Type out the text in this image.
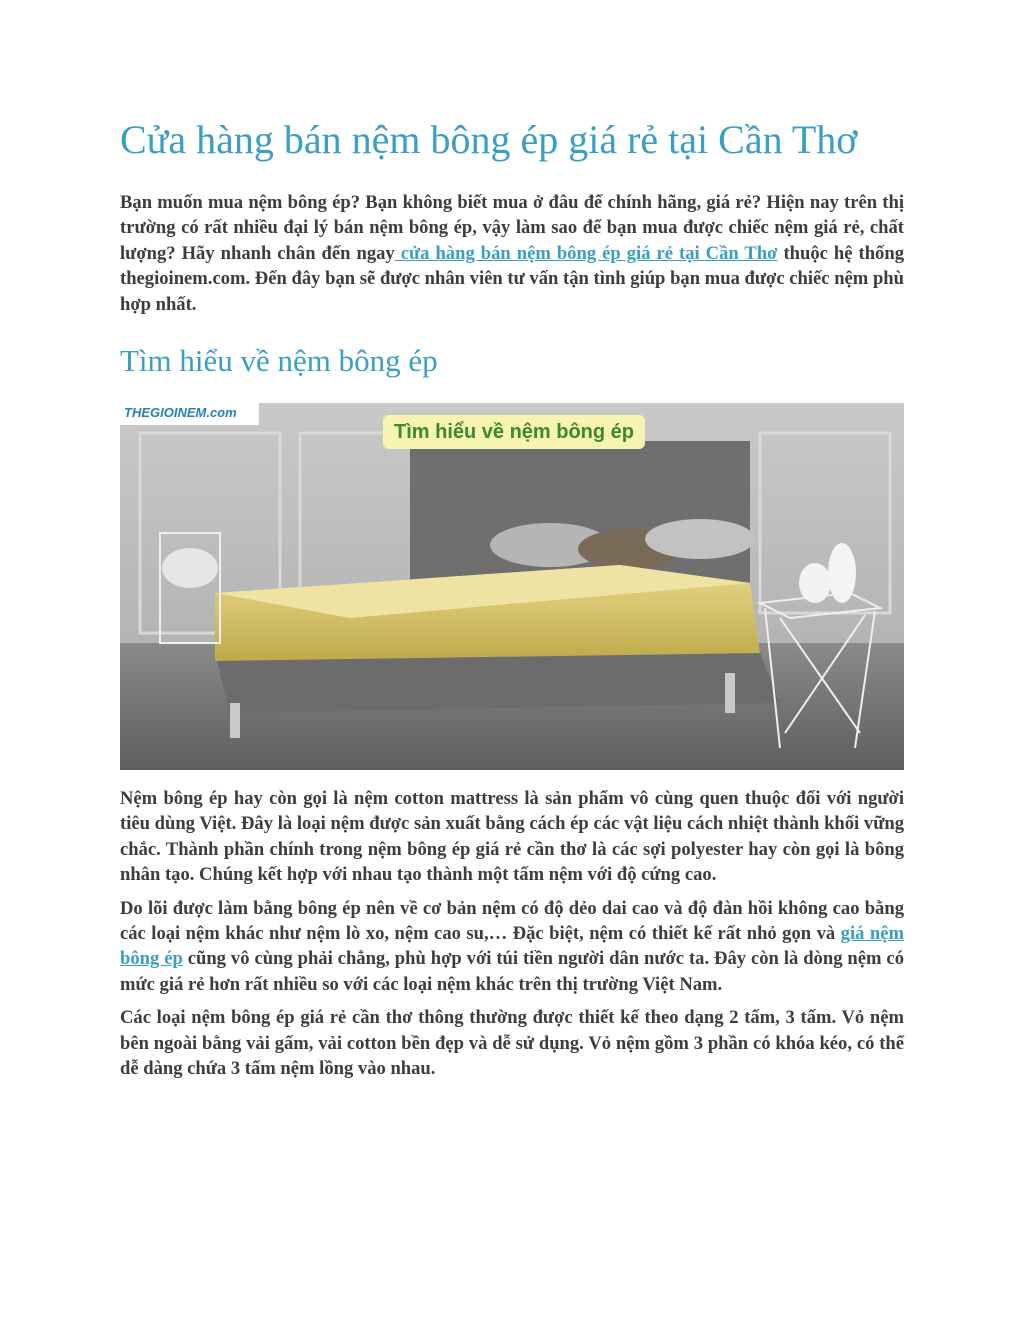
Cửa hàng bán nệm bông ép giá rẻ tại Cần Thơ

Bạn muốn mua nệm bông ép? Bạn không biết mua ở đâu để chính hãng, giá rẻ? Hiện nay trên thị trường có rất nhiều đại lý bán nệm bông ép, vậy làm sao để bạn mua được chiếc nệm giá rẻ, chất lượng? Hãy nhanh chân đến ngay cửa hàng bán nệm bông ép giá rẻ tại Cần Thơ thuộc hệ thống thegioinem.com. Đến đây bạn sẽ được nhân viên tư vấn tận tình giúp bạn mua được chiếc nệm phù hợp nhất.

Tìm hiểu về nệm bông ép
THEGIOINEM.com
Tìm hiểu về nệm bông ép

Nệm bông ép hay còn gọi là nệm cotton mattress là sản phẩm vô cùng quen thuộc đối với người tiêu dùng Việt. Đây là loại nệm được sản xuất bằng cách ép các vật liệu cách nhiệt thành khối vững chắc. Thành phần chính trong nệm bông ép giá rẻ cần thơ là các sợi polyester hay còn gọi là bông nhân tạo. Chúng kết hợp với nhau tạo thành một tấm nệm với độ cứng cao.

Do lõi được làm bằng bông ép nên về cơ bản nệm có độ dẻo dai cao và độ đàn hồi không cao bằng các loại nệm khác như nệm lò xo, nệm cao su,… Đặc biệt, nệm có thiết kế rất nhỏ gọn và giá nệm bông ép cũng vô cùng phải chẳng, phù hợp với túi tiền người dân nước ta. Đây còn là dòng nệm có mức giá rẻ hơn rất nhiều so với các loại nệm khác trên thị trường Việt Nam.

Các loại nệm bông ép giá rẻ cần thơ thông thường được thiết kế theo dạng 2 tấm, 3 tấm. Vỏ nệm bên ngoài bằng vải gấm, vải cotton bền đẹp và dễ sử dụng. Vỏ nệm gồm 3 phần có khóa kéo, có thể dễ dàng chứa 3 tấm nệm lồng vào nhau.
